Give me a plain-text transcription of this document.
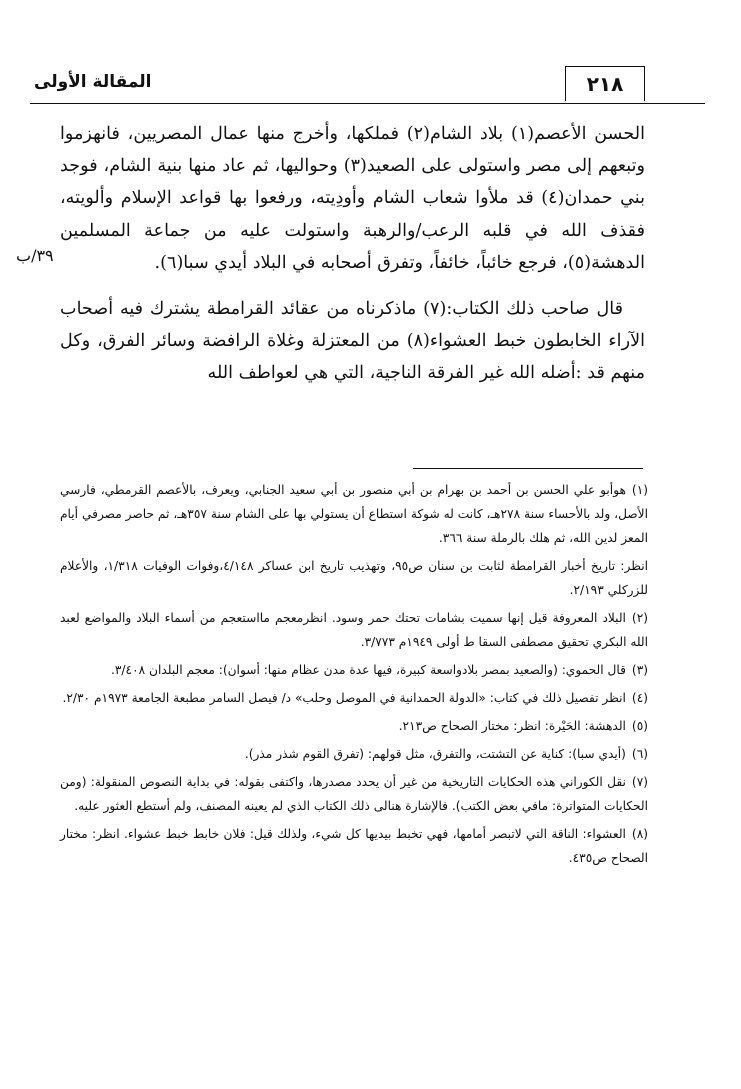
٢١٨
المقالة الأولى
٣٩/ب

الحسن الأعصم(١) بلاد الشام(٢) فملكها، وأخرج منها عمال المصريين، فانهزموا وتبعهم إلى مصر واستولى على الصعيد(٣) وحواليها، ثم عاد منها بنية الشام، فوجد بني حمدان(٤) قد ملأوا شعاب الشام وأودِيته، ورفعوا بها قواعد الإسلام وألويته، فقذف الله في قلبه الرعب/والرهبة واستولت عليه من جماعة المسلمين الدهشة(٥)، فرجع خائباً، خائفاً، وتفرق أصحابه في البلاد أيدي سبا(٦).

قال صاحب ذلك الكتاب:(٧) ماذكرناه من عقائد القرامطة يشترك فيه أصحاب الآراء الخابطون خبط العشواء(٨) من المعتزلة وغلاة الرافضة وسائر الفرق، وكل منهم قد :أضله الله غير الفرقة الناجية، التي هي لعواطف الله

(١)هوأبو علي الحسن بن أحمد بن بهرام بن أبي منصور بن أبي سعيد الجنابي، ويعرف، بالأعصم القرمطي، فارسي الأصل، ولد بالأحساء سنة ٢٧٨هـ، كانت له شوكة استطاع أن يستولي بها على الشام سنة ٣٥٧هـ، ثم حاصر مصرفي أيام المعز لدين الله، ثم هلك بالرملة سنة ٣٦٦.

انظر: تاريخ أخبار القرامطة لثابت بن سنان ص٩٥، وتهذيب تاريخ ابن عساكر ٤/١٤٨،وفوات الوفيات ١/٣١٨، والأعلام للزركلي ٢/١٩٣.

(٢)البلاد المعروفة قيل إنها سميت بشامات تحتك حمر وسود. انظرمعجم مااستعجم من أسماء البلاد والمواضع لعبد الله البكري تحقيق مصطفى السقا ط أولى ١٩٤٩م ٣/٧٧٣.

(٣)قال الحموي: (والصعيد بمصر بلادواسعة كبيرة، فيها عدة مدن عظام منها: أسوان): معجم البلدان ٣/٤٠٨.

(٤)انظر تفصيل ذلك في كتاب: «الدولة الحمدانية في الموصل وحلب» د/ فيصل السامر مطبعة الجامعة ١٩٧٣م ٢/٣٠.

(٥)الدهشة: الحَيْرة: انظر: مختار الصحاح ص٢١٣.

(٦)(أيدي سبا): كناية عن التشتت، والتفرق، مثل قولهم: (تفرق القوم شذر مذر).

(٧)نقل الكوراني هذه الحكايات التاريخية من غير أن يحدد مصدرها، واكتفى بقوله: في بداية النصوص المنقولة: (ومن الحكايات المتواترة: مافي بعض الكتب). فالإشارة هنالى ذلك الكتاب الذي لم يعينه المصنف، ولم أستطع العثور عليه.

(٨)العشواء: الناقة التي لاتبصر أمامها، فهي تخبط بيديها كل شيء، ولذلك قيل: فلان خابط خبط عشواء. انظر: مختار الصحاح ص٤٣٥.
